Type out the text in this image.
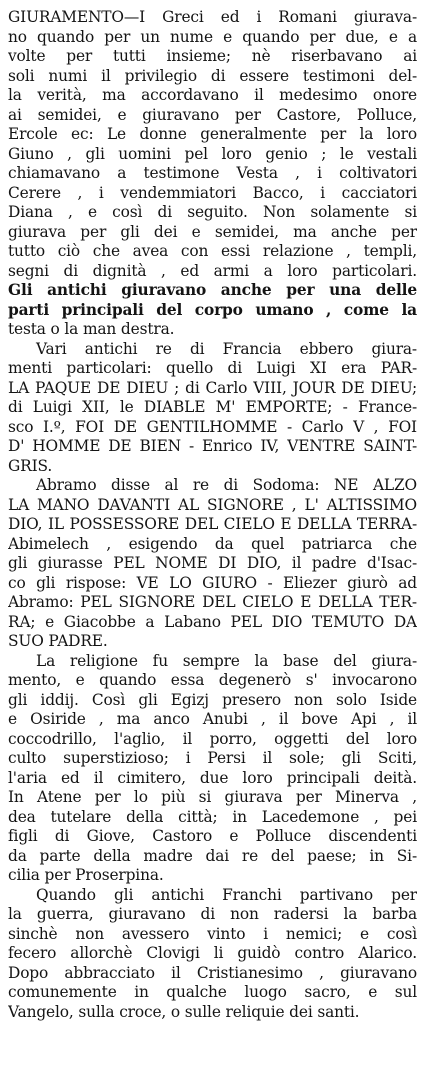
GIURAMENTO—I Greci ed i Romani giurava-
no quando per un nume e quando per due, e a
volte per tutti insieme; nè riserbavano ai
soli numi il privilegio di essere testimoni del-
la verità, ma accordavano il medesimo onore
ai semidei, e giuravano per Castore, Polluce,
Ercole ec: Le donne generalmente per la loro
Giuno , gli uomini pel loro genio ; le vestali
chiamavano a testimone Vesta , i coltivatori
Cerere , i vendemmiatori Bacco, i cacciatori
Diana , e così di seguito. Non solamente si
giurava per gli dei e semidei, ma anche per
tutto ciò che avea con essi relazione , templi,
segni di dignità , ed armi a loro particolari.
Gli antichi giuravano anche per una delle
parti principali del corpo umano , come la
testa o la man destra.
Vari antichi re di Francia ebbero giura-
menti particolari: quello di Luigi XI era PAR-
LA PAQUE DE DIEU ; di Carlo VIII, JOUR DE DIEU;
di Luigi XII, le DIABLE M' EMPORTE; - France-
sco I.º, FOI DE GENTILHOMME - Carlo V , FOI
D' HOMME DE BIEN - Enrico IV, VENTRE SAINT-
GRIS.
Abramo disse al re di Sodoma: NE ALZO
LA MANO DAVANTI AL SIGNORE , L' ALTISSIMO
DIO, IL POSSESSORE DEL CIELO E DELLA TERRA-
Abimelech , esigendo da quel patriarca che
gli giurasse PEL NOME DI DIO, il padre d'Isac-
co gli rispose: VE LO GIURO - Eliezer giurò ad
Abramo: PEL SIGNORE DEL CIELO E DELLA TER-
RA; e Giacobbe a Labano PEL DIO TEMUTO DA
SUO PADRE.
La religione fu sempre la base del giura-
mento, e quando essa degenerò s' invocarono
gli iddij. Così gli Egizj presero non solo Iside
e Osiride , ma anco Anubi , il bove Api , il
coccodrillo, l'aglio, il porro, oggetti del loro
culto superstizioso; i Persi il sole; gli Sciti,
l'aria ed il cimitero, due loro principali deità.
In Atene per lo più si giurava per Minerva ,
dea tutelare della città; in Lacedemone , pei
figli di Giove, Castoro e Polluce discendenti
da parte della madre dai re del paese; in Si-
cilia per Proserpina.
Quando gli antichi Franchi partivano per
la guerra, giuravano di non radersi la barba
sinchè non avessero vinto i nemici; e così
fecero allorchè Clovigi li guidò contro Alarico.
Dopo abbracciato il Cristianesimo , giuravano
comunemente in qualche luogo sacro, e sul
Vangelo, sulla croce, o sulle reliquie dei santi.
